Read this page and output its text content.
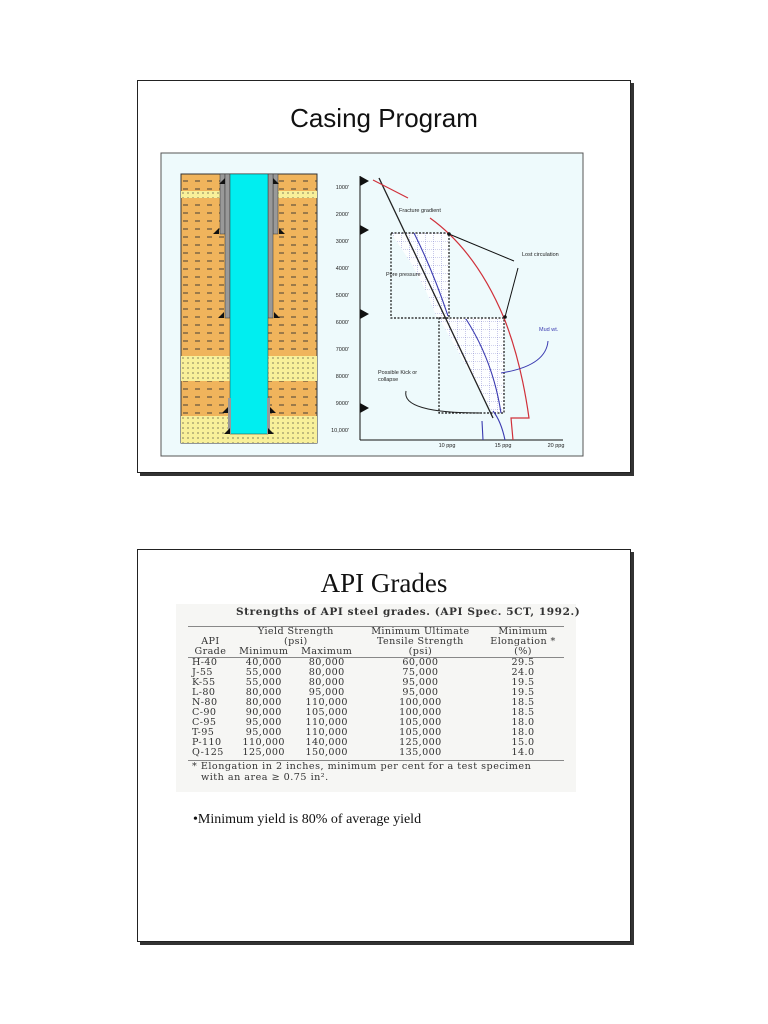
Casing Program
1000'
2000'
3000'
4000'
5000'
6000'
7000'
8000'
9000'
10,000'
10 ppg	15 ppg	20 ppg
Fracture gradient
Lost circulation
Pore pressure
Mud wt.
Possible Kick or
collapse
API Grades
Strengths of API steel grades. (API Spec. 5CT, 1992.)
	Yield Strength		Minimum Ultimate	Minimum
API	(psi)		Tensile Strength	Elongation *
Grade	Minimum	Maximum	(psi)	(%)
H-40	40,000	80,000	60,000	29.5
J-55	55,000	80,000	75,000	24.0
K-55	55,000	80,000	95,000	19.5
L-80	80,000	95,000	95,000	19.5
N-80	80,000	110,000	100,000	18.5
C-90	90,000	105,000	100,000	18.5
C-95	95,000	110,000	105,000	18.0
T-95	95,000	110,000	105,000	18.0
P-110	110,000	140,000	125,000	15.0
Q-125	125,000	150,000	135,000	14.0
* Elongation in 2 inches, minimum per cent for a test specimen
with an area ≥ 0.75 in².
•Minimum yield is 80% of average yield
